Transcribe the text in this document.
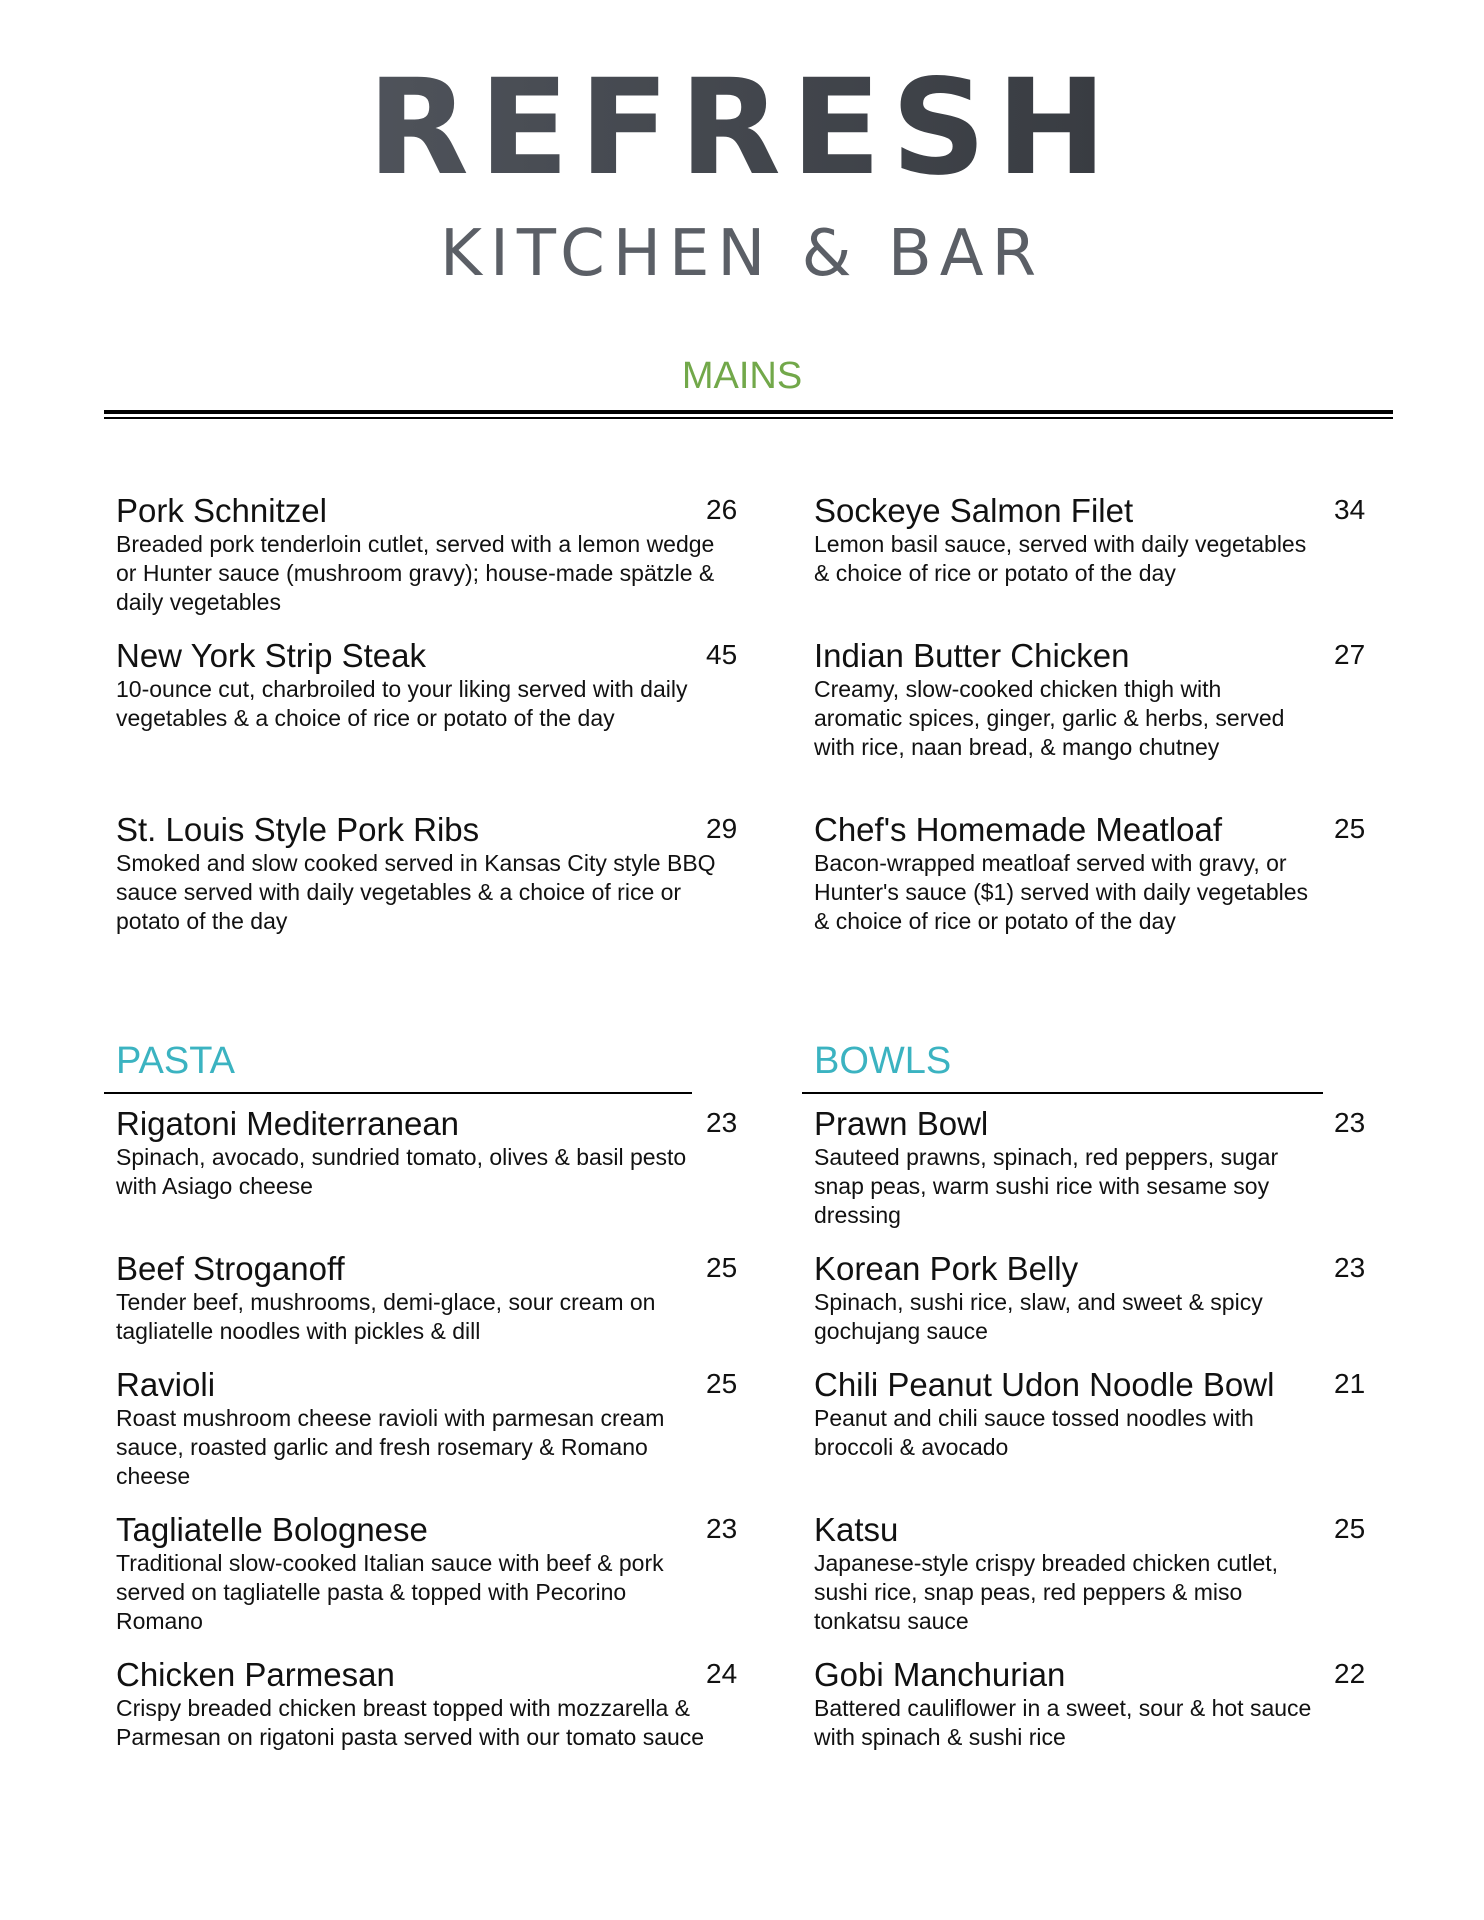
REFRESH
KITCHEN & BAR
MAINS
Pork Schnitzel
Breaded pork tenderloin cutlet, served with a lemon wedge or Hunter sauce (mushroom gravy); house-made spätzle & daily vegetables
26
New York Strip Steak
10-ounce cut, charbroiled to your liking served with daily vegetables & a choice of rice or potato of the day
45
St. Louis Style Pork Ribs
Smoked and slow cooked served in Kansas City style BBQ sauce served with daily vegetables & a choice of rice or potato of the day
29
Sockeye Salmon Filet
Lemon basil sauce, served with daily vegetables & choice of rice or potato of the day
34
Indian Butter Chicken
Creamy, slow-cooked chicken thigh with aromatic spices, ginger, garlic & herbs, served with rice, naan bread, & mango chutney
27
Chef's Homemade Meatloaf
Bacon-wrapped meatloaf served with gravy, or Hunter's sauce ($1) served with daily vegetables & choice of rice or potato of the day
25
PASTA
Rigatoni Mediterranean
Spinach, avocado, sundried tomato, olives & basil pesto with Asiago cheese
23
Beef Stroganoff
Tender beef, mushrooms, demi-glace, sour cream on tagliatelle noodles with pickles & dill
25
Ravioli
Roast mushroom cheese ravioli with parmesan cream sauce, roasted garlic and fresh rosemary & Romano cheese
25
Tagliatelle Bolognese
Traditional slow-cooked Italian sauce with beef & pork served on tagliatelle pasta & topped with Pecorino Romano
23
Chicken Parmesan
Crispy breaded chicken breast topped with mozzarella & Parmesan on rigatoni pasta served with our tomato sauce
24
BOWLS
Prawn Bowl
Sauteed prawns, spinach, red peppers, sugar snap peas, warm sushi rice with sesame soy dressing
23
Korean Pork Belly
Spinach, sushi rice, slaw, and sweet & spicy gochujang sauce
23
Chili Peanut Udon Noodle Bowl
Peanut and chili sauce tossed noodles with broccoli & avocado
21
Katsu
Japanese-style crispy breaded chicken cutlet, sushi rice, snap peas, red peppers & miso tonkatsu sauce
25
Gobi Manchurian
Battered cauliflower in a sweet, sour & hot sauce with spinach & sushi rice
22
